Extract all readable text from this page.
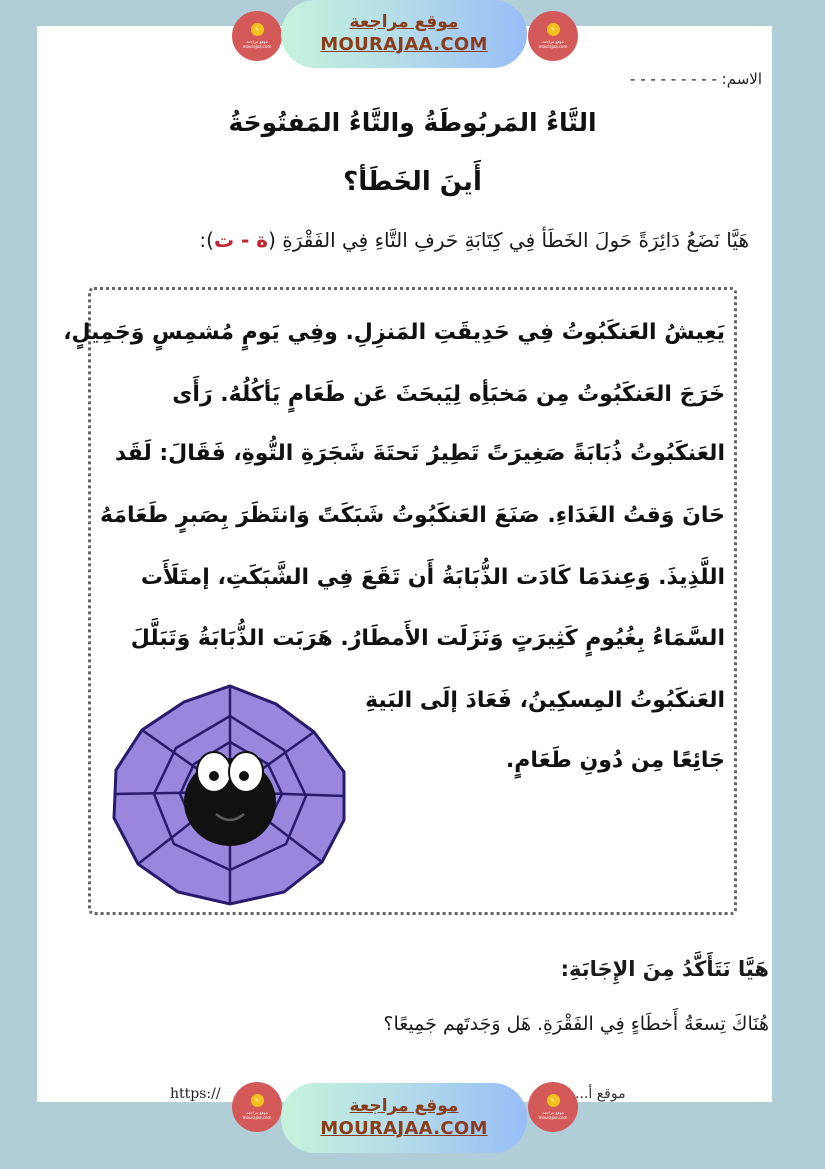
✎
موقع مراجعة mourajaa.com
موقع مراجعة
MOURAJAA.COM
✎
موقع مراجعة mourajaa.com
الاسم: - - - - - - - - -
التَّاءُ المَربُوطَةُ والتَّاءُ المَفتُوحَةُ
أَينَ الخَطَأ؟
هَيَّا نَضَعُ دَائِرَةً حَولَ الخَطَأ فِي كِتَابَةِ حَرفِ التَّاءِ فِي الفَقْرَةِ (ة - ت):
يَعِيشُ العَنكَبُوتُ فِي حَدِيقَتِ المَنزِلِ. وفِي يَومٍ مُشمِسٍ وَجَمِيلٍ،
خَرَجَ العَنكَبُوتُ مِن مَخبَأِه لِيَبحَثَ عَن طَعَامٍ يَأكُلُهُ. رَأَى
العَنكَبُوتُ ذُبَابَةً صَغِيرَتً تَطِيرُ تَحتَةَ شَجَرَةِ التُّوةِ، فَقَالَ: لَقَد
حَانَ وَقتُ الغَدَاءِ. صَنَعَ العَنكَبُوتُ شَبَكَتً وَانتَظَرَ بِصَبرٍ طَعَامَهُ
اللَّذِيذَ. وَعِندَمَا كَادَت الذُّبَابَةُ أَن تَقَعَ فِي الشَّبَكَتِ، إمتَلَأَت
السَّمَاءُ بِغُيُومٍ كَثِيرَتٍ وَنَزَلَت الأَمطَارُ. هَرَبَت الذُّبَابَةُ وَتَبَلَّلَ
العَنكَبُوتُ المِسكِينُ، فَعَادَ إلَى البَيةِ
جَائِعًا مِن دُونِ طَعَامٍ.
هَيَّا نَتَأَكَّدُ مِنَ الإِجَابَةِ:
هُنَاكَ تِسعَةُ أَخطَاءٍ فِي الفَقْرَةِ. هَل وَجَدتَهم جَمِيعًا؟
https://	موقع أ...
✎
موقع مراجعة mourajaa.com
موقع مراجعة
MOURAJAA.COM
✎
موقع مراجعة mourajaa.com
